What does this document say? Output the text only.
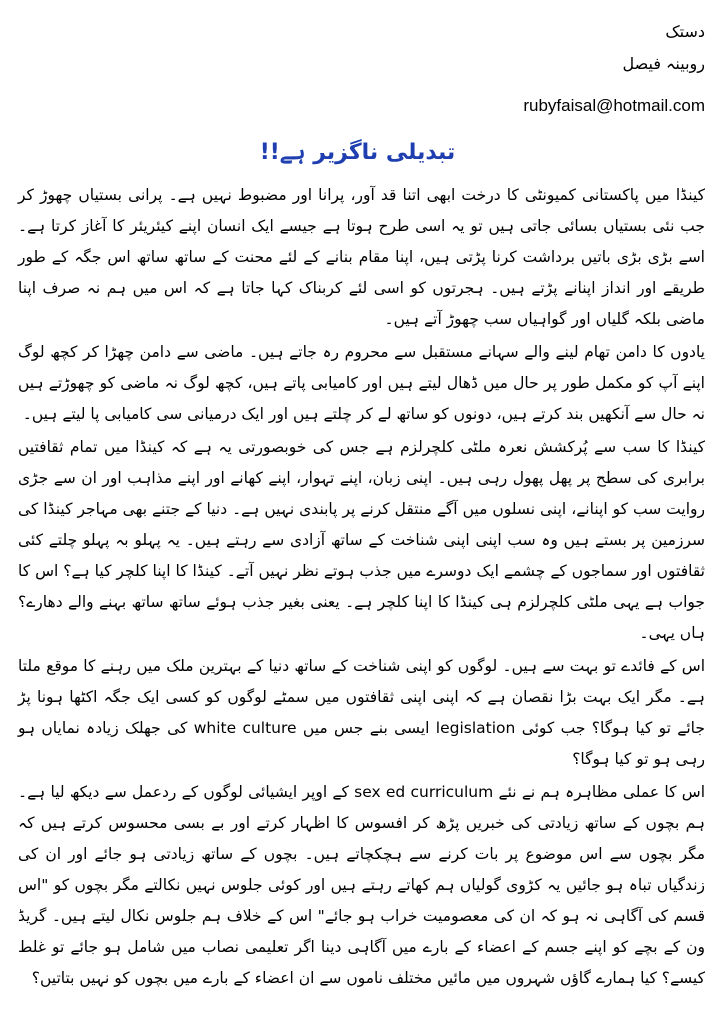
دستک
روبینہ فیصل
rubyfaisal@hotmail.com
تبدیلی ناگزیر ہے!!

کینڈا میں پاکستانی کمیونٹی کا درخت ابھی اتنا قد آور، پرانا اور مضبوط نہیں ہے۔ پرانی بستیاں چھوڑ کر جب نئی بستیاں بسائی جاتی ہیں تو یہ اسی طرح ہوتا ہے جیسے ایک انسان اپنے کیئریئر کا آغاز کرتا ہے۔ اسے بڑی بڑی باتیں برداشت کرنا پڑتی ہیں، اپنا مقام بنانے کے لئے محنت کے ساتھ ساتھ اس جگہ کے طور طریقے اور انداز اپنانے پڑتے ہیں۔ ہجرتوں کو اسی لئے کربناک کہا جاتا ہے کہ اس میں ہم نہ صرف اپنا ماضی بلکہ گلیاں اور گواہیاں سب چھوڑ آتے ہیں۔

یادوں کا دامن تھام لینے والے سہانے مستقبل سے محروم رہ جاتے ہیں۔ ماضی سے دامن چھڑا کر کچھ لوگ اپنے آپ کو مکمل طور پر حال میں ڈھال لیتے ہیں اور کامیابی پاتے ہیں، کچھ لوگ نہ ماضی کو چھوڑتے ہیں نہ حال سے آنکھیں بند کرتے ہیں، دونوں کو ساتھ لے کر چلتے ہیں اور ایک درمیانی سی کامیابی پا لیتے ہیں۔

کینڈا کا سب سے پُرکشش نعرہ ملٹی کلچرلزم ہے جس کی خوبصورتی یہ ہے کہ کینڈا میں تمام ثقافتیں برابری کی سطح پر پھل پھول رہی ہیں۔ اپنی زبان، اپنے تہوار، اپنے کھانے اور اپنے مذاہب اور ان سے جڑی روایت سب کو اپنانے، اپنی نسلوں میں آگے منتقل کرنے پر پابندی نہیں ہے۔ دنیا کے جتنے بھی مہاجر کینڈا کی سرزمین پر بستے ہیں وہ سب اپنی اپنی شناخت کے ساتھ آزادی سے رہتے ہیں۔ یہ پہلو بہ پہلو چلتے کئی ثقافتوں اور سماجوں کے چشمے ایک دوسرے میں جذب ہوتے نظر نہیں آتے۔ کینڈا کا اپنا کلچر کیا ہے؟ اس کا جواب ہے یہی ملٹی کلچرلزم ہی کینڈا کا اپنا کلچر ہے۔ یعنی بغیر جذب ہوئے ساتھ ساتھ بہنے والے دھارے؟ ہاں یہی۔

اس کے فائدے تو بہت سے ہیں۔ لوگوں کو اپنی شناخت کے ساتھ دنیا کے بہترین ملک میں رہنے کا موقع ملتا ہے۔ مگر ایک بہت بڑا نقصان ہے کہ اپنی اپنی ثقافتوں میں سمٹے لوگوں کو کسی ایک جگہ اکٹھا ہونا پڑ جائے تو کیا ہوگا؟ جب کوئی legislation ایسی بنے جس میں white culture کی جھلک زیادہ نمایاں ہو رہی ہو تو کیا ہوگا؟

اس کا عملی مظاہرہ ہم نے نئے sex ed curriculum کے اوپر ایشیائی لوگوں کے ردعمل سے دیکھ لیا ہے۔ ہم بچوں کے ساتھ زیادتی کی خبریں پڑھ کر افسوس کا اظہار کرتے اور بے بسی محسوس کرتے ہیں کہ مگر بچوں سے اس موضوع پر بات کرنے سے ہچکچاتے ہیں۔ بچوں کے ساتھ زیادتی ہو جائے اور ان کی زندگیاں تباہ ہو جائیں یہ کڑوی گولیاں ہم کھاتے رہتے ہیں اور کوئی جلوس نہیں نکالتے مگر بچوں کو "اس قسم کی آگاہی نہ ہو کہ ان کی معصومیت خراب ہو جائے" اس کے خلاف ہم جلوس نکال لیتے ہیں۔ گریڈ ون کے بچے کو اپنے جسم کے اعضاء کے بارے میں آگاہی دینا اگر تعلیمی نصاب میں شامل ہو جائے تو غلط کیسے؟ کیا ہمارے گاؤں شہروں میں مائیں مختلف ناموں سے ان اعضاء کے بارے میں بچوں کو نہیں بتاتیں؟
